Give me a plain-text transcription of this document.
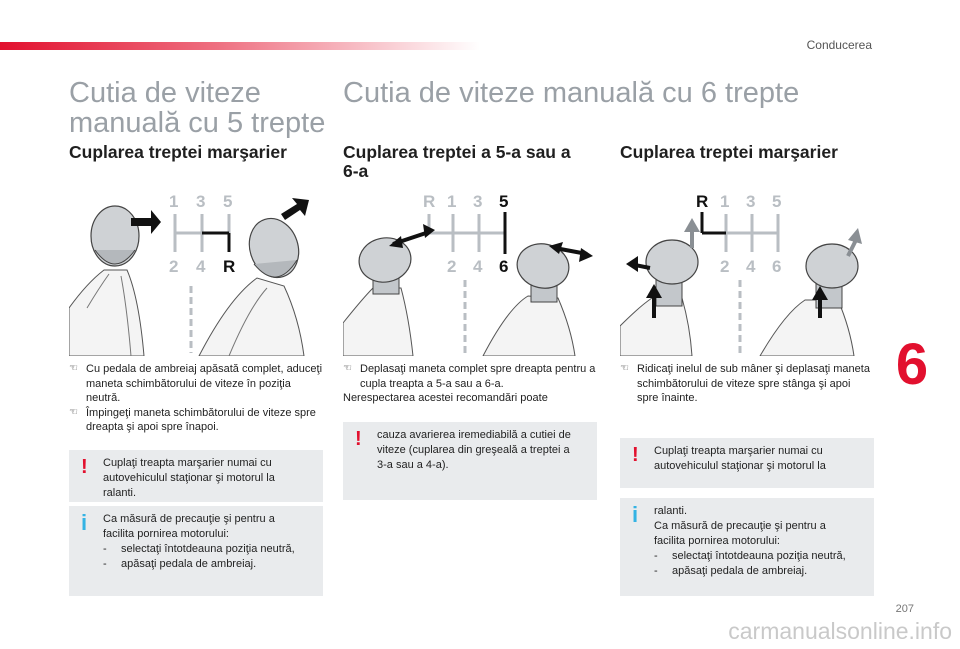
Conducerea
Cutia de viteze
manuală cu 5 trepte
Cuplarea treptei marşarier
1 3 5
2 4 R
☜ Cu pedala de ambreiaj apăsată complet, aduceţi maneta schimbătorului de viteze în poziţia neutră.
☜ Împingeţi maneta schimbătorului de viteze spre dreapta şi apoi spre înapoi.
! Cuplaţi treapta marşarier numai cu
autovehiculul staţionar şi motorul la
ralanti.
i Ca măsură de precauţie şi pentru a
facilita pornirea motorului:
- selectaţi întotdeauna poziţia neutră,
- apăsaţi pedala de ambreiaj.
Cutia de viteze manuală cu 6 trepte
Cuplarea treptei a 5-a sau a
6-a
R 1 3 5
2 4 6
☜ Deplasaţi maneta complet spre dreapta pentru a cupla treapta a 5-a sau a 6-a.
Nerespectarea acestei recomandări poate
! cauza avarierea iremediabilă a cutiei de
viteze (cuplarea din greşeală a treptei a
3-a sau a 4-a).
Cuplarea treptei marşarier
R 1 3 5
2 4 6
☜ Ridicaţi inelul de sub mâner şi deplasaţi maneta schimbătorului de viteze spre stânga şi apoi spre înainte.
! Cuplaţi treapta marşarier numai cu
autovehiculul staţionar şi motorul la
i ralanti.
Ca măsură de precauţie şi pentru a
facilita pornirea motorului:
- selectaţi întotdeauna poziţia neutră,
- apăsaţi pedala de ambreiaj.
6
207
carmanualsonline.info
